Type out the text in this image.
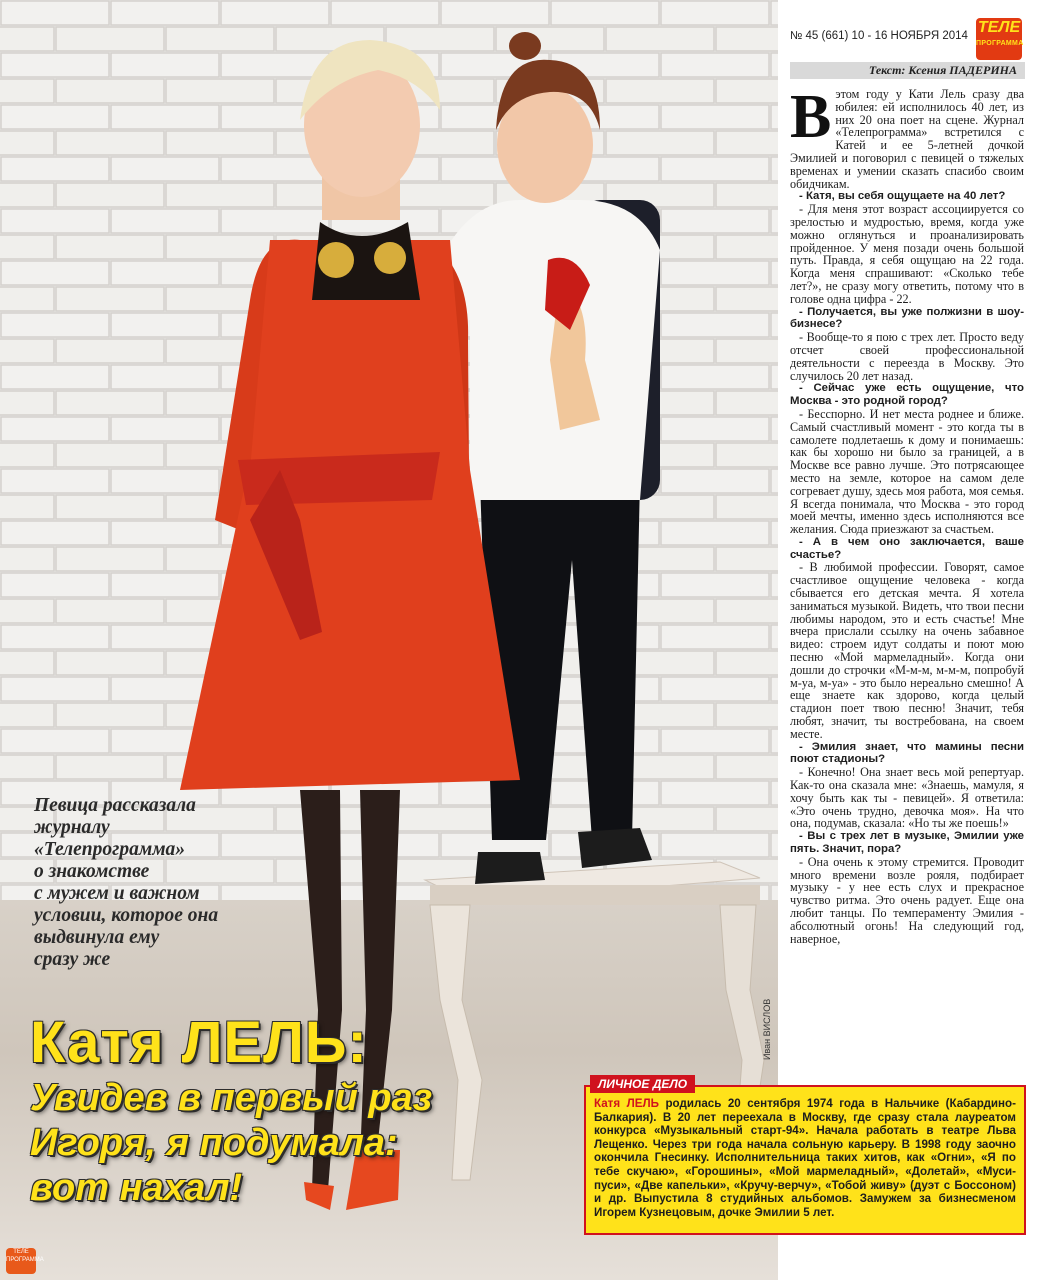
Иван ВИСЛОВ
Певица рассказала
журналу
«Телепрограмма»
о знакомстве
с мужем и важном
условии, которое она
выдвинула ему
сразу же
Катя ЛЕЛЬ:
Увидев в первый раз
Игоря, я подумала:
вот нахал!
ТЕЛЕ ПРОГРАММА
№ 45 (661) 10 - 16 НОЯБРЯ 2014 ТЕЛЕ
ПРОГРАММА
Текст: Ксения ПАДЕРИНА
В этом году у Кати Лель сразу два юбилея: ей исполнилось 40 лет, из них 20 она поет на сцене. Журнал «Телепрограмма» встретился с Катей и ее 5-летней дочкой Эмилией и поговорил с певицей о тяжелых временах и умении сказать спасибо своим обидчикам.

- Катя, вы себя ощущаете на 40 лет?

- Для меня этот возраст ассоциируется со зрелостью и мудростью, время, когда уже можно оглянуться и проанализировать пройденное. У меня позади очень большой путь. Правда, я себя ощущаю на 22 года. Когда меня спрашивают: «Сколько тебе лет?», не сразу могу ответить, потому что в голове одна цифра - 22.

- Получается, вы уже полжизни в шоу-бизнесе?

- Вообще-то я пою с трех лет. Просто веду отсчет своей профессиональной деятельности с переезда в Москву. Это случилось 20 лет назад.

- Сейчас уже есть ощущение, что Москва - это родной город?

- Бесспорно. И нет места роднее и ближе. Самый счастливый момент - это когда ты в самолете подлетаешь к дому и понимаешь: как бы хорошо ни было за границей, а в Москве все равно лучше. Это потрясающее место на земле, которое на самом деле согревает душу, здесь моя работа, моя семья. Я всегда понимала, что Москва - это город моей мечты, именно здесь исполняются все желания. Сюда приезжают за счастьем.

- А в чем оно заключается, ваше счастье?

- В любимой профессии. Говорят, самое счастливое ощущение человека - когда сбывается его детская мечта. Я хотела заниматься музыкой. Видеть, что твои песни любимы народом, это и есть счастье! Мне вчера прислали ссылку на очень забавное видео: строем идут солдаты и поют мою песню «Мой мармеладный». Когда они дошли до строчки «М-м-м, м-м-м, попробуй м-уа, м-уа» - это было нереально смешно! А еще знаете как здорово, когда целый стадион поет твою песню! Значит, тебя любят, значит, ты востребована, на своем месте.

- Эмилия знает, что мамины песни поют стадионы?

- Конечно! Она знает весь мой репертуар. Как-то она сказала мне: «Знаешь, мамуля, я хочу быть как ты - певицей». Я ответила: «Это очень трудно, девочка моя». На что она, подумав, сказала: «Но ты же поешь!»

- Вы с трех лет в музыке, Эмилии уже пять. Значит, пора?

- Она очень к этому стремится. Проводит много времени возле рояля, подбирает музыку - у нее есть слух и прекрасное чувство ритма. Это очень радует. Еще она любит танцы. По темпераменту Эмилия - абсолютный огонь! На следующий год, наверное,

ЛИЧНОЕ ДЕЛО
Катя ЛЕЛЬ родилась 20 сентября 1974 года в Нальчике (Кабардино-Балкария). В 20 лет переехала в Москву, где сразу стала лауреатом конкурса «Музыкальный старт-94». Начала работать в театре Льва Лещенко. Через три года начала сольную карьеру. В 1998 году заочно окончила Гнесинку. Исполнительница таких хитов, как «Огни», «Я по тебе скучаю», «Горошины», «Мой мармеладный», «Долетай», «Муси-пуси», «Две капельки», «Кручу-верчу», «Тобой живу» (дуэт с Боссоном) и др. Выпустила 8 студийных альбомов. Замужем за бизнесменом Игорем Кузнецовым, дочке Эмилии 5 лет.
